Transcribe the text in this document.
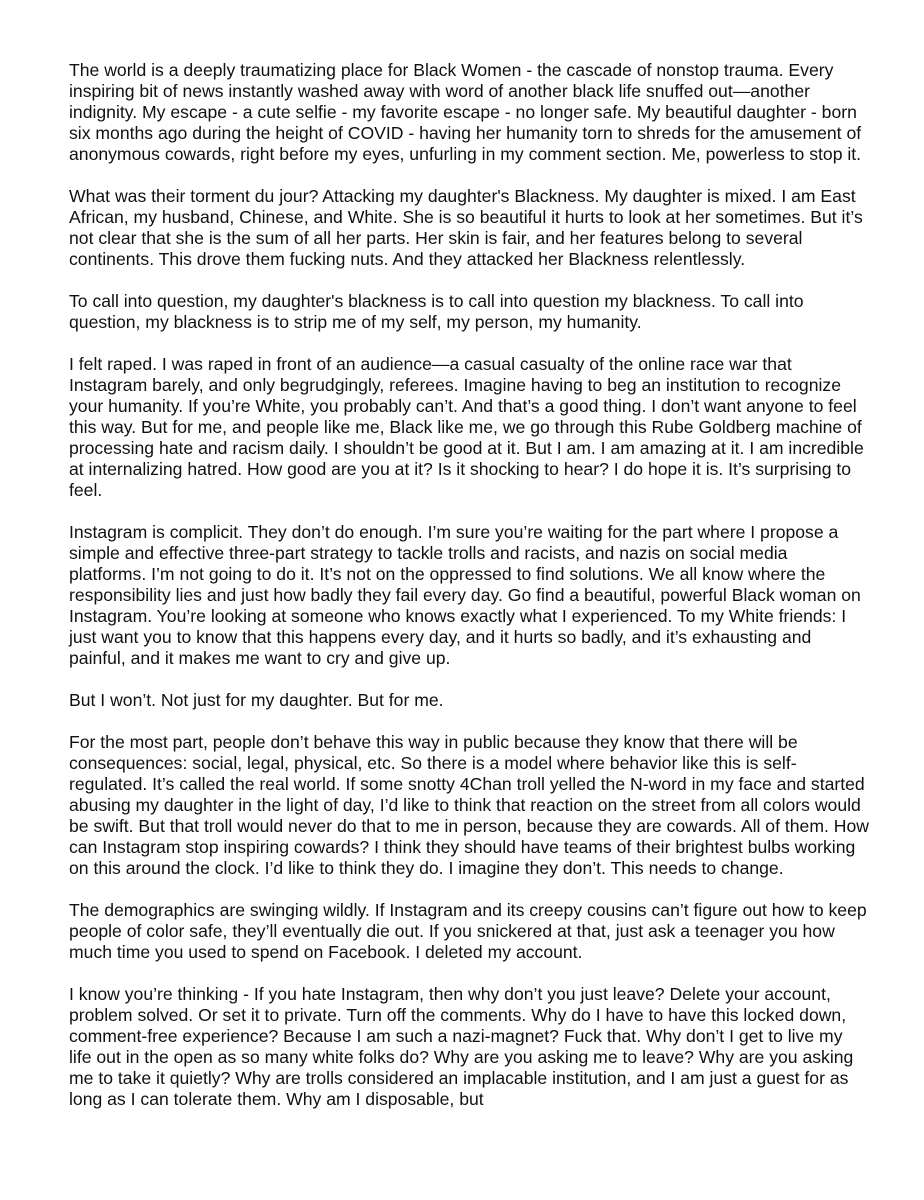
The world is a deeply traumatizing place for Black Women - the cascade of nonstop trauma. Every inspiring bit of news instantly washed away with word of another black life snuffed out—another indignity. My escape - a cute selfie - my favorite escape - no longer safe. My beautiful daughter - born six months ago during the height of COVID - having her humanity torn to shreds for the amusement of anonymous cowards, right before my eyes, unfurling in my comment section. Me, powerless to stop it.

What was their torment du jour? Attacking my daughter's Blackness. My daughter is mixed. I am East African, my husband, Chinese, and White. She is so beautiful it hurts to look at her sometimes. But it’s not clear that she is the sum of all her parts. Her skin is fair, and her features belong to several continents. This drove them fucking nuts. And they attacked her Blackness relentlessly.

To call into question, my daughter's blackness is to call into question my blackness. To call into question, my blackness is to strip me of my self, my person, my humanity.

I felt raped. I was raped in front of an audience—a casual casualty of the online race war that Instagram barely, and only begrudgingly, referees. Imagine having to beg an institution to recognize your humanity. If you’re White, you probably can’t. And that’s a good thing. I don’t want anyone to feel this way. But for me, and people like me, Black like me, we go through this Rube Goldberg machine of processing hate and racism daily. I shouldn’t be good at it. But I am. I am amazing at it. I am incredible at internalizing hatred. How good are you at it? Is it shocking to hear? I do hope it is. It’s surprising to feel.

Instagram is complicit. They don’t do enough. I’m sure you’re waiting for the part where I propose a simple and effective three-part strategy to tackle trolls and racists, and nazis on social media platforms. I’m not going to do it. It’s not on the oppressed to find solutions. We all know where the responsibility lies and just how badly they fail every day. Go find a beautiful, powerful Black woman on Instagram. You’re looking at someone who knows exactly what I experienced. To my White friends: I just want you to know that this happens every day, and it hurts so badly, and it’s exhausting and painful, and it makes me want to cry and give up.

But I won’t. Not just for my daughter. But for me.

For the most part, people don’t behave this way in public because they know that there will be consequences: social, legal, physical, etc. So there is a model where behavior like this is self-regulated. It’s called the real world. If some snotty 4Chan troll yelled the N-word in my face and started abusing my daughter in the light of day, I’d like to think that reaction on the street from all colors would be swift. But that troll would never do that to me in person, because they are cowards. All of them. How can Instagram stop inspiring cowards? I think they should have teams of their brightest bulbs working on this around the clock. I’d like to think they do. I imagine they don’t. This needs to change.

The demographics are swinging wildly. If Instagram and its creepy cousins can’t figure out how to keep people of color safe, they’ll eventually die out. If you snickered at that, just ask a teenager you how much time you used to spend on Facebook. I deleted my account.

I know you’re thinking - If you hate Instagram, then why don’t you just leave? Delete your account, problem solved. Or set it to private. Turn off the comments. Why do I have to have this locked down, comment-free experience? Because I am such a nazi-magnet? Fuck that. Why don’t I get to live my life out in the open as so many white folks do? Why are you asking me to leave? Why are you asking me to take it quietly? Why are trolls considered an implacable institution, and I am just a guest for as long as I can tolerate them. Why am I disposable, but
